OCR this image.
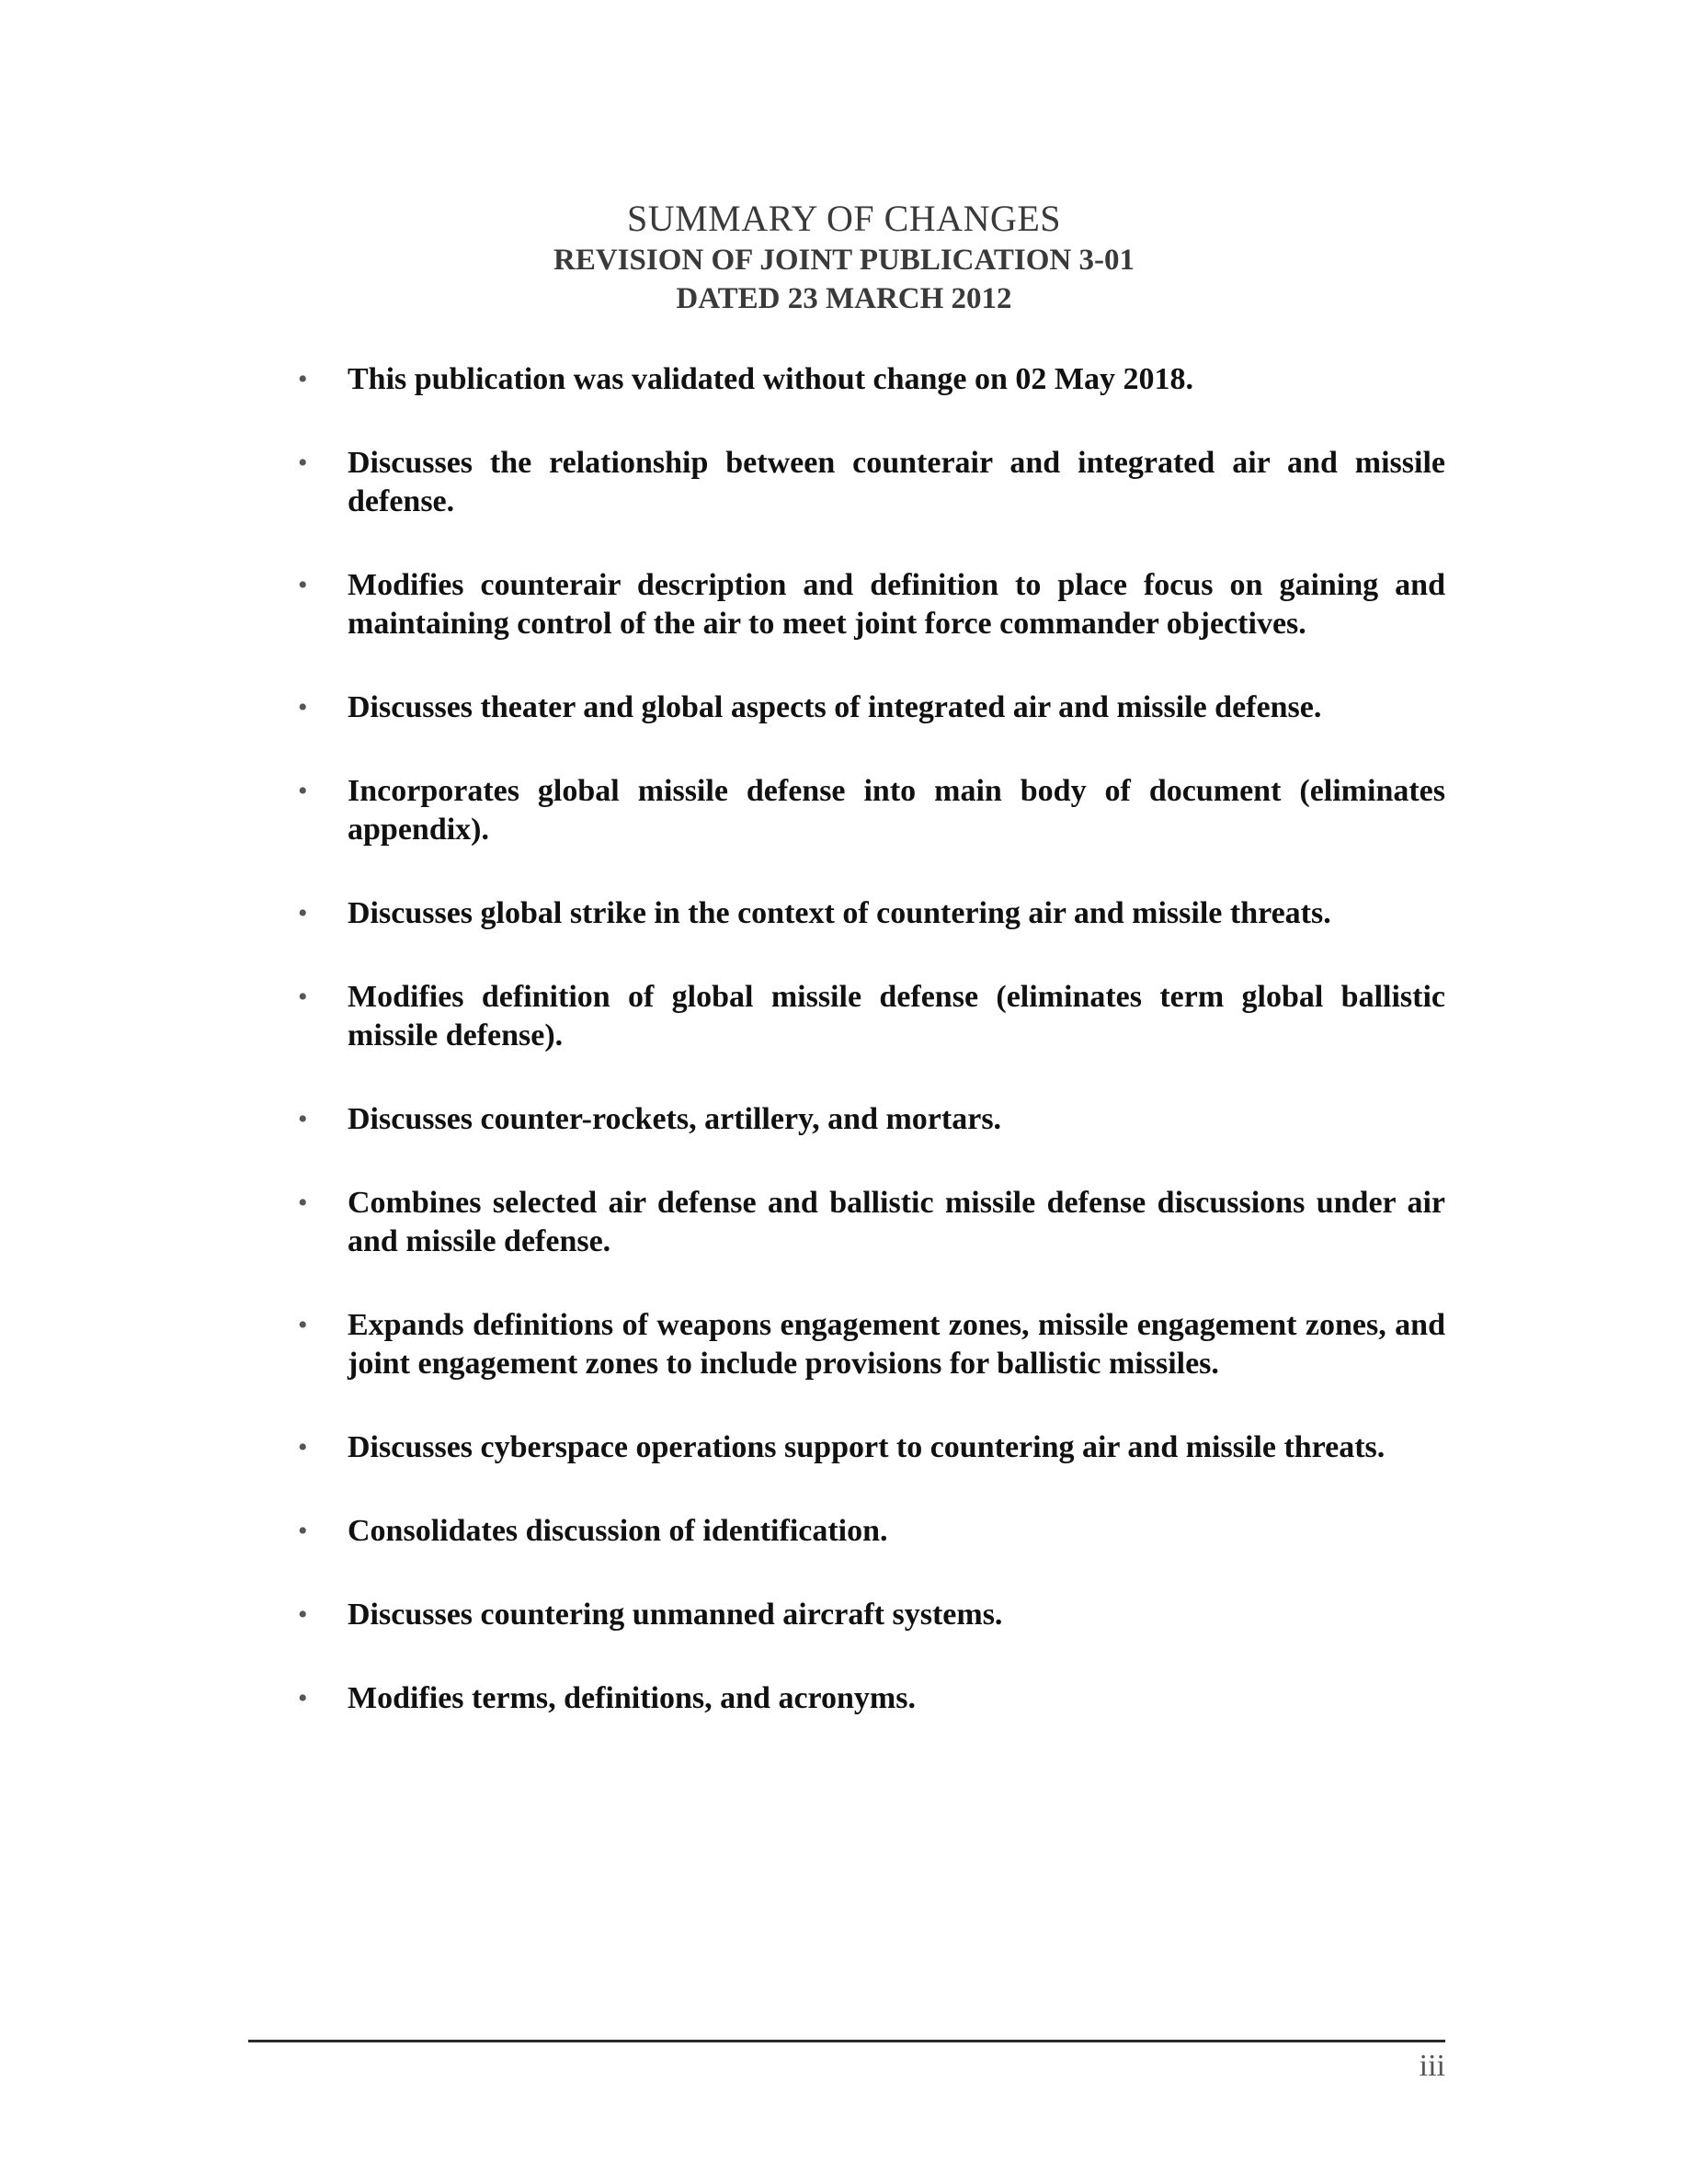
SUMMARY OF CHANGES
REVISION OF JOINT PUBLICATION 3-01
DATED 23 MARCH 2012
• This publication was validated without change on 02 May 2018.
• Discusses the relationship between counterair and integrated air and missile defense.
• Modifies counterair description and definition to place focus on gaining and maintaining control of the air to meet joint force commander objectives.
• Discusses theater and global aspects of integrated air and missile defense.
• Incorporates global missile defense into main body of document (eliminates appendix).
• Discusses global strike in the context of countering air and missile threats.
• Modifies definition of global missile defense (eliminates term global ballistic missile defense).
• Discusses counter-rockets, artillery, and mortars.
• Combines selected air defense and ballistic missile defense discussions under air and missile defense.
• Expands definitions of weapons engagement zones, missile engagement zones, and joint engagement zones to include provisions for ballistic missiles.
• Discusses cyberspace operations support to countering air and missile threats.
• Consolidates discussion of identification.
• Discusses countering unmanned aircraft systems.
• Modifies terms, definitions, and acronyms.
iii
